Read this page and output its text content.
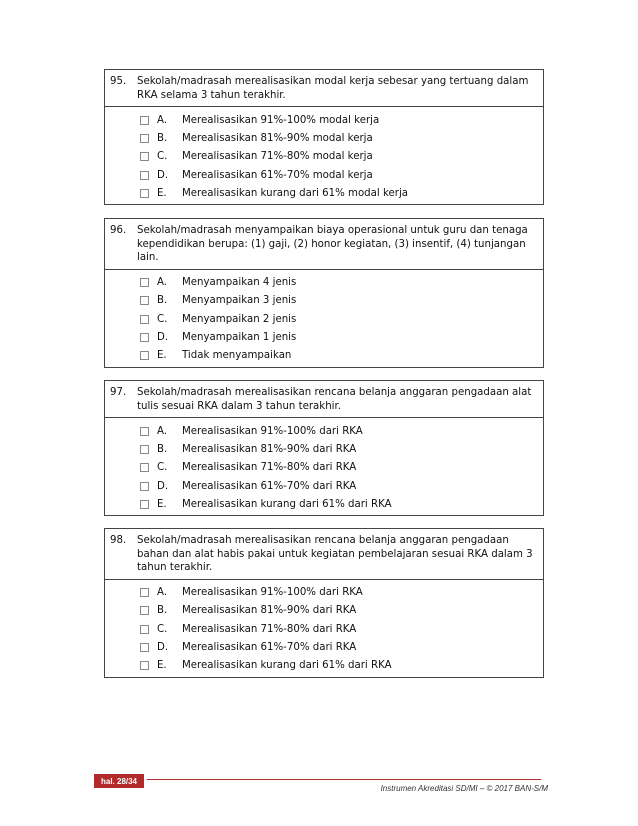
95.	Sekolah/madrasah merealisasikan modal kerja sebesar yang tertuang dalam RKA selama 3 tahun terakhir.
A.	Merealisasikan 91%-100% modal kerja
B.	Merealisasikan 81%-90% modal kerja
C.	Merealisasikan 71%-80% modal kerja
D.	Merealisasikan 61%-70% modal kerja
E.	Merealisasikan kurang dari 61% modal kerja
96.	Sekolah/madrasah menyampaikan biaya operasional untuk guru dan tenaga kependidikan berupa: (1) gaji, (2) honor kegiatan, (3) insentif, (4) tunjangan lain.
A.	Menyampaikan 4 jenis
B.	Menyampaikan 3 jenis
C.	Menyampaikan 2 jenis
D.	Menyampaikan 1 jenis
E.	Tidak menyampaikan
97.	Sekolah/madrasah merealisasikan rencana belanja anggaran pengadaan alat tulis sesuai RKA dalam 3 tahun terakhir.
A.	Merealisasikan 91%-100% dari RKA
B.	Merealisasikan 81%-90% dari RKA
C.	Merealisasikan 71%-80% dari RKA
D.	Merealisasikan 61%-70% dari RKA
E.	Merealisasikan kurang dari 61% dari RKA
98.	Sekolah/madrasah merealisasikan rencana belanja anggaran pengadaan bahan dan alat habis pakai untuk kegiatan pembelajaran sesuai RKA dalam 3 tahun terakhir.
A.	Merealisasikan 91%-100% dari RKA
B.	Merealisasikan 81%-90% dari RKA
C.	Merealisasikan 71%-80% dari RKA
D.	Merealisasikan 61%-70% dari RKA
E.	Merealisasikan kurang dari 61% dari RKA
hal. 28/34
Instrumen Akreditasi SD/MI – © 2017 BAN-S/M
